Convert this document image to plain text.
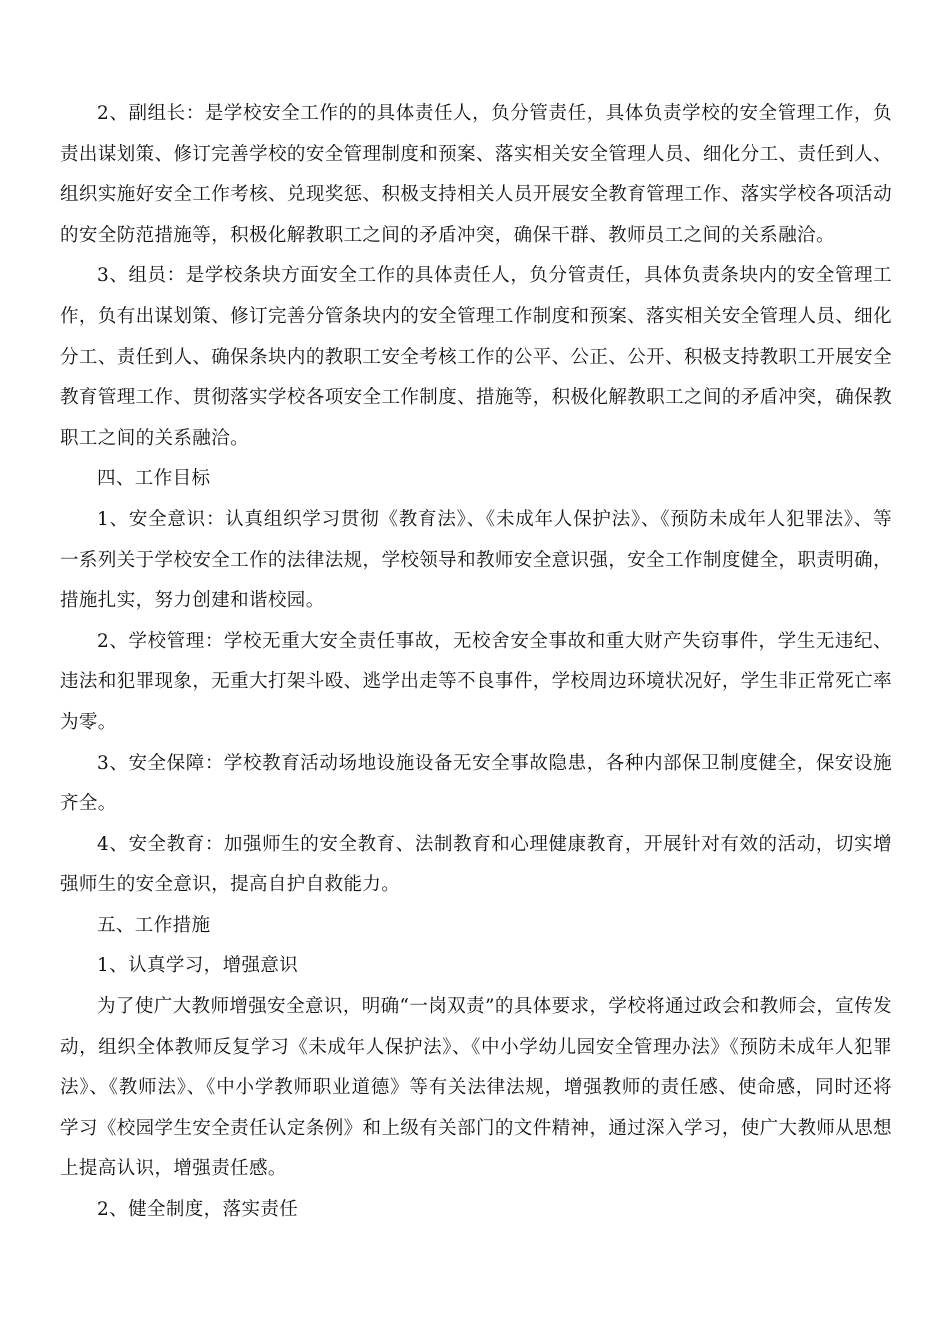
2、副组长：是学校安全工作的的具体责任人，负分管责任，具体负责学校的安全管理工作，负责出谋划策、修订完善学校的安全管理制度和预案、落实相关安全管理人员、细化分工、责任到人、组织实施好安全工作考核、兑现奖惩、积极支持相关人员开展安全教育管理工作、落实学校各项活动的安全防范措施等，积极化解教职工之间的矛盾冲突，确保干群、教师员工之间的关系融洽。

3、组员：是学校条块方面安全工作的具体责任人，负分管责任，具体负责条块内的安全管理工作，负有出谋划策、修订完善分管条块内的安全管理工作制度和预案、落实相关安全管理人员、细化分工、责任到人、确保条块内的教职工安全考核工作的公平、公正、公开、积极支持教职工开展安全教育管理工作、贯彻落实学校各项安全工作制度、措施等，积极化解教职工之间的矛盾冲突，确保教职工之间的关系融洽。

四、工作目标

1、安全意识：认真组织学习贯彻《教育法》、《未成年人保护法》、《预防未成年人犯罪法》、等一系列关于学校安全工作的法律法规，学校领导和教师安全意识强，安全工作制度健全，职责明确，措施扎实，努力创建和谐校园。

2、学校管理：学校无重大安全责任事故，无校舍安全事故和重大财产失窃事件，学生无违纪、违法和犯罪现象，无重大打架斗殴、逃学出走等不良事件，学校周边环境状况好，学生非正常死亡率为零。

3、安全保障：学校教育活动场地设施设备无安全事故隐患，各种内部保卫制度健全，保安设施齐全。

4、安全教育：加强师生的安全教育、法制教育和心理健康教育，开展针对有效的活动，切实增强师生的安全意识，提高自护自救能力。

五、工作措施

1、认真学习，增强意识

为了使广大教师增强安全意识，明确“一岗双责”的具体要求，学校将通过政会和教师会，宣传发动，组织全体教师反复学习《未成年人保护法》、《中小学幼儿园安全管理办法》《预防未成年人犯罪法》、《教师法》、《中小学教师职业道德》等有关法律法规，增强教师的责任感、使命感，同时还将学习《校园学生安全责任认定条例》和上级有关部门的文件精神，通过深入学习，使广大教师从思想上提高认识，增强责任感。

2、健全制度，落实责任
